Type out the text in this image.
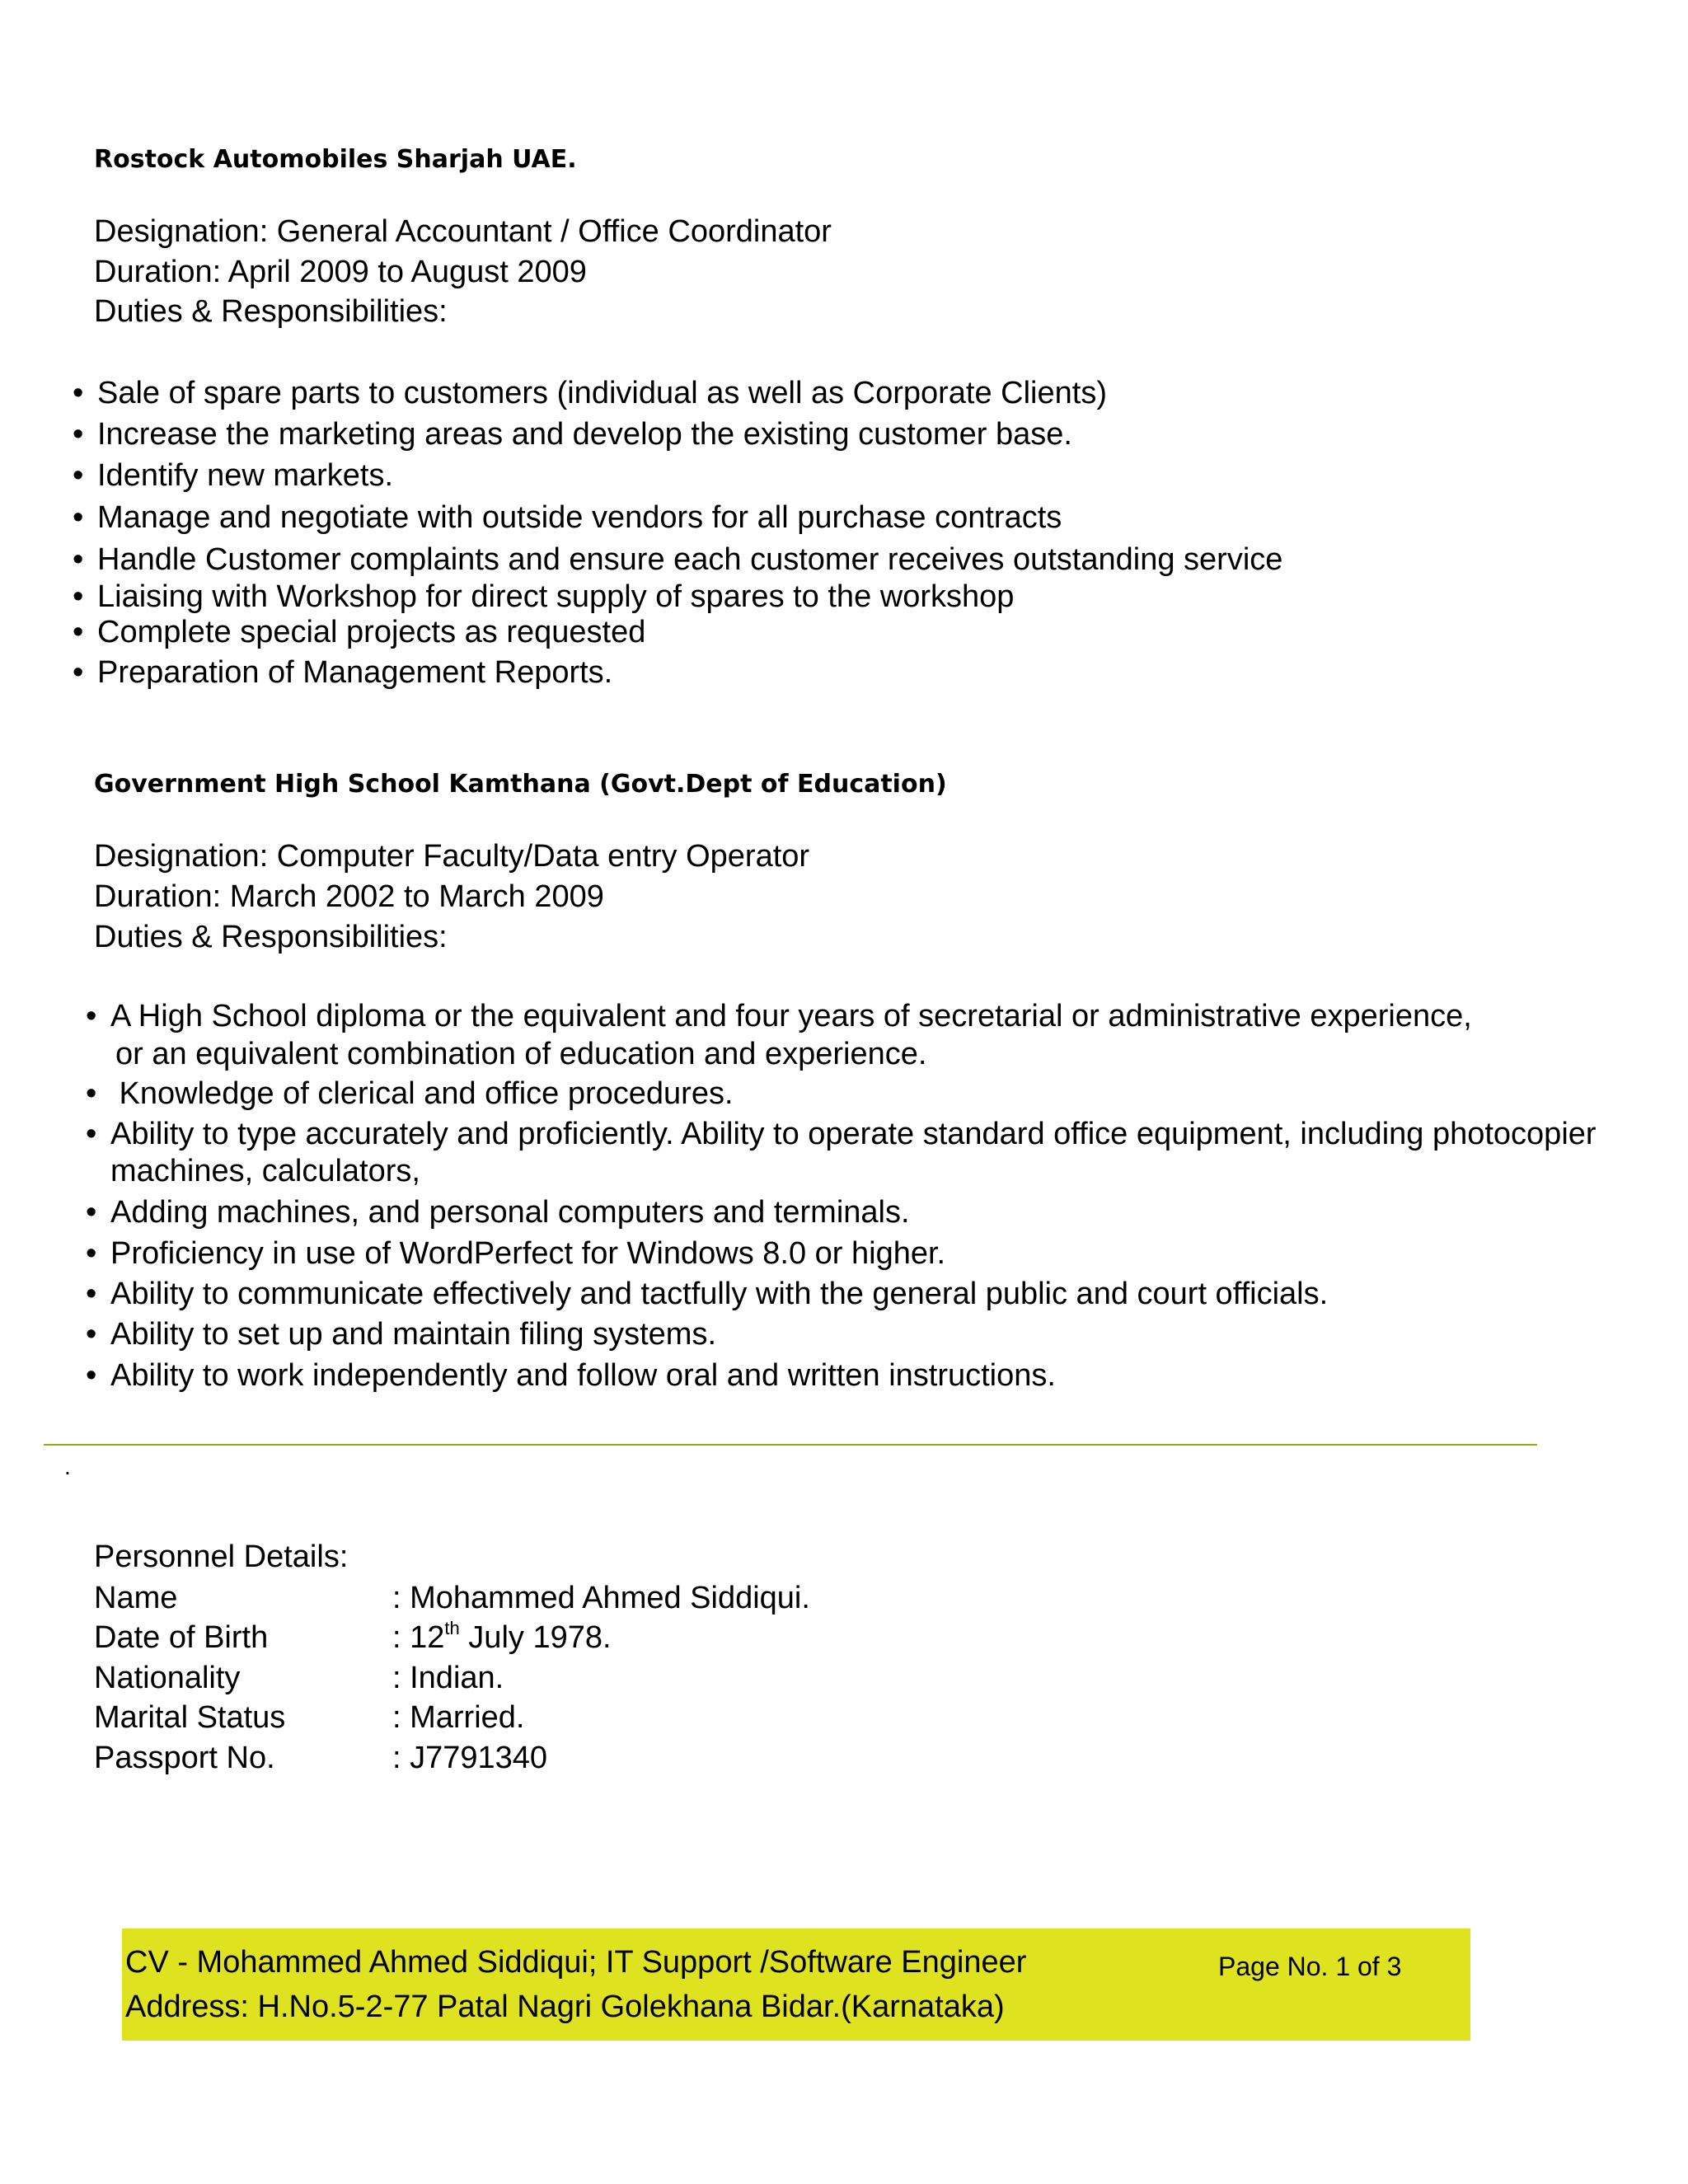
Rostock Automobiles Sharjah UAE.
Designation: General Accountant / Office Coordinator
Duration: April 2009 to August 2009
Duties & Responsibilities:
• Sale of spare parts to customers (individual as well as Corporate Clients)
• Increase the marketing areas and develop the existing customer base.
• Identify new markets.
• Manage and negotiate with outside vendors for all purchase contracts
• Handle Customer complaints and ensure each customer receives outstanding service
• Liaising with Workshop for direct supply of spares to the workshop
• Complete special projects as requested
• Preparation of Management Reports.
Government High School Kamthana (Govt.Dept of Education)
Designation: Computer Faculty/Data entry Operator
Duration: March 2002 to March 2009
Duties & Responsibilities:
• A High School diploma or the equivalent and four years of secretarial or administrative experience,
or an equivalent combination of education and experience.
• Knowledge of clerical and office procedures.
• Ability to type accurately and proficiently. Ability to operate standard office equipment, including photocopier
machines, calculators,
• Adding machines, and personal computers and terminals.
• Proficiency in use of WordPerfect for Windows 8.0 or higher.
• Ability to communicate effectively and tactfully with the general public and court officials.
• Ability to set up and maintain filing systems.
• Ability to work independently and follow oral and written instructions.
.
Personnel Details:
Name	: Mohammed Ahmed Siddiqui.
Date of Birth	: 12th July 1978.
Nationality	: Indian.
Marital Status	: Married.
Passport No.	: J7791340
CV - Mohammed Ahmed Siddiqui; IT Support /Software Engineer
Address: H.No.5-2-77 Patal Nagri Golekhana Bidar.(Karnataka)
Page No. 1 of 3
